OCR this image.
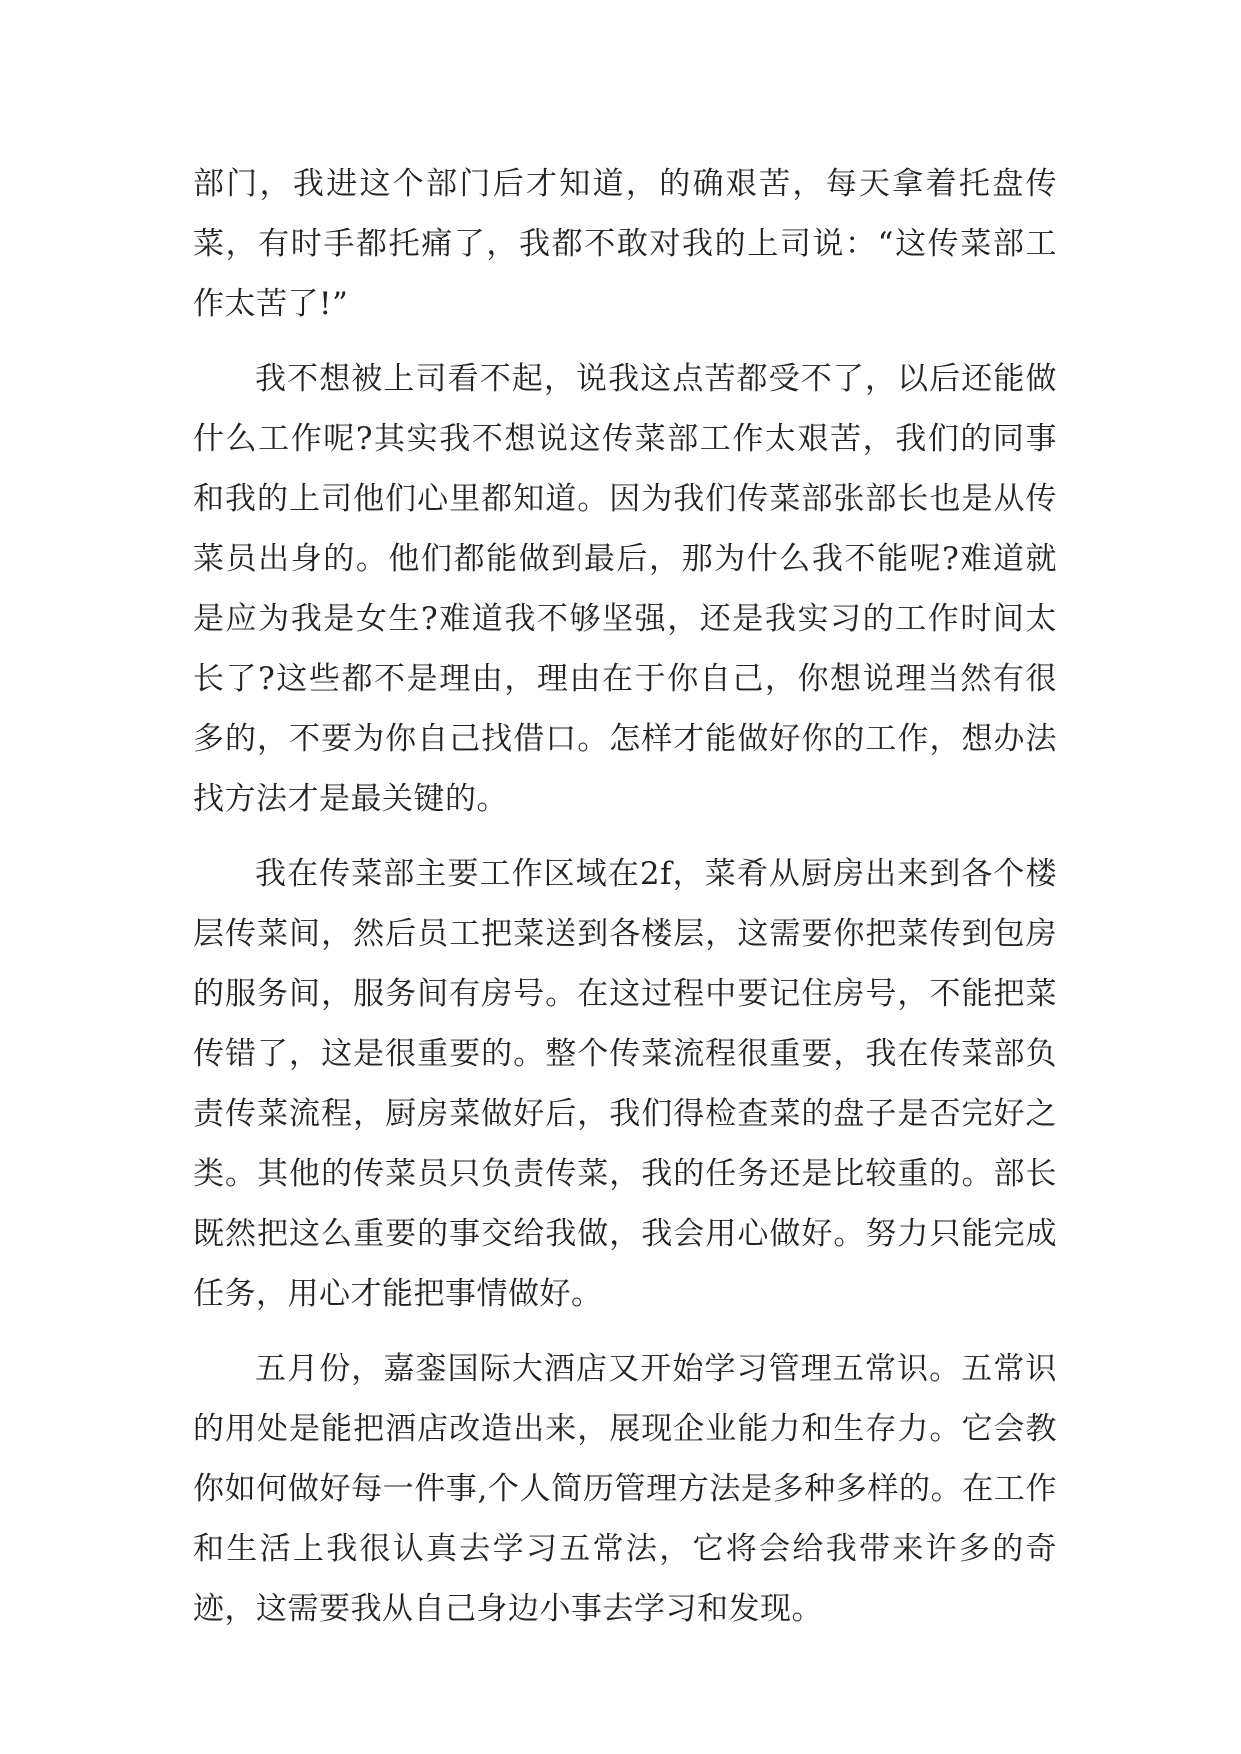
部门，我进这个部门后才知道，的确艰苦，每天拿着托盘传菜，有时手都托痛了，我都不敢对我的上司说：“这传菜部工作太苦了!”

我不想被上司看不起，说我这点苦都受不了，以后还能做什么工作呢?其实我不想说这传菜部工作太艰苦，我们的同事和我的上司他们心里都知道。因为我们传菜部张部长也是从传菜员出身的。他们都能做到最后，那为什么我不能呢?难道就是应为我是女生?难道我不够坚强，还是我实习的工作时间太长了?这些都不是理由，理由在于你自己，你想说理当然有很多的，不要为你自己找借口。怎样才能做好你的工作，想办法找方法才是最关键的。

我在传菜部主要工作区域在2f，菜肴从厨房出来到各个楼层传菜间，然后员工把菜送到各楼层，这需要你把菜传到包房的服务间，服务间有房号。在这过程中要记住房号，不能把菜传错了，这是很重要的。整个传菜流程很重要，我在传菜部负责传菜流程，厨房菜做好后，我们得检查菜的盘子是否完好之类。其他的传菜员只负责传菜，我的任务还是比较重的。部长既然把这么重要的事交给我做，我会用心做好。努力只能完成任务，用心才能把事情做好。

五月份，嘉銮国际大酒店又开始学习管理五常识。五常识的用处是能把酒店改造出来，展现企业能力和生存力。它会教你如何做好每一件事,个人简历管理方法是多种多样的。在工作和生活上我很认真去学习五常法，它将会给我带来许多的奇迹，这需要我从自己身边小事去学习和发现。
